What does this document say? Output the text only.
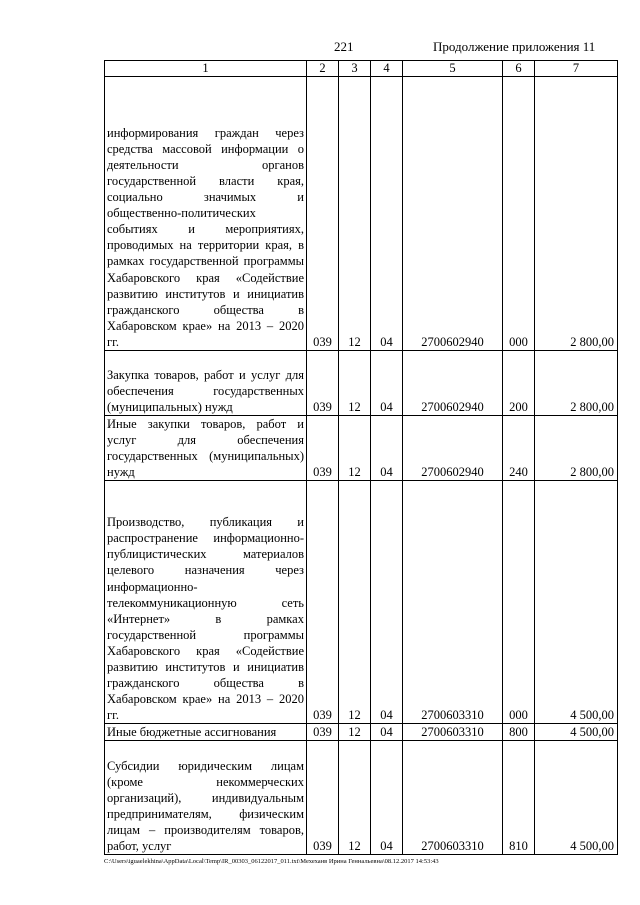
221	Продолжение приложения 11
1	2	3	4	5	6	7
информирования граждан через средства массовой информации о деятельности органов государственной власти края, социально значимых и общественно-политических событиях и мероприятиях, проводимых на территории края, в рамках государственной программы Хабаровского края «Содействие развитию институтов и инициатив гражданского общества в Хабаровском крае» на 2013 – 2020 гг.	039	12	04	2700602940	000	2 800,00
Закупка товаров, работ и услуг для обеспечения государственных (муниципальных) нужд	039	12	04	2700602940	200	2 800,00
Иные закупки товаров, работ и услуг для обеспечения государственных (муниципальных) нужд	039	12	04	2700602940	240	2 800,00
Производство, публикация и распространение информационно-публицистических материалов целевого назначения через информационно-телекоммуникационную сеть «Интернет» в рамках государственной программы Хабаровского края «Содействие развитию институтов и инициатив гражданского общества в Хабаровском крае» на 2013 – 2020 гг.	039	12	04	2700603310	000	4 500,00
Иные бюджетные ассигнования	039	12	04	2700603310	800	4 500,00
Субсидии юридическим лицам (кроме некоммерческих организаций), индивидуальным предпринимателям, физическим лицам – производителям товаров, работ, услуг	039	12	04	2700603310	810	4 500,00
C:\Users\iguaelekhina\AppData\Local\Temp\IR_00303_06122017_011.txt\Мехеханв Ирина Геннальевна\08.12.2017 14:53:43
